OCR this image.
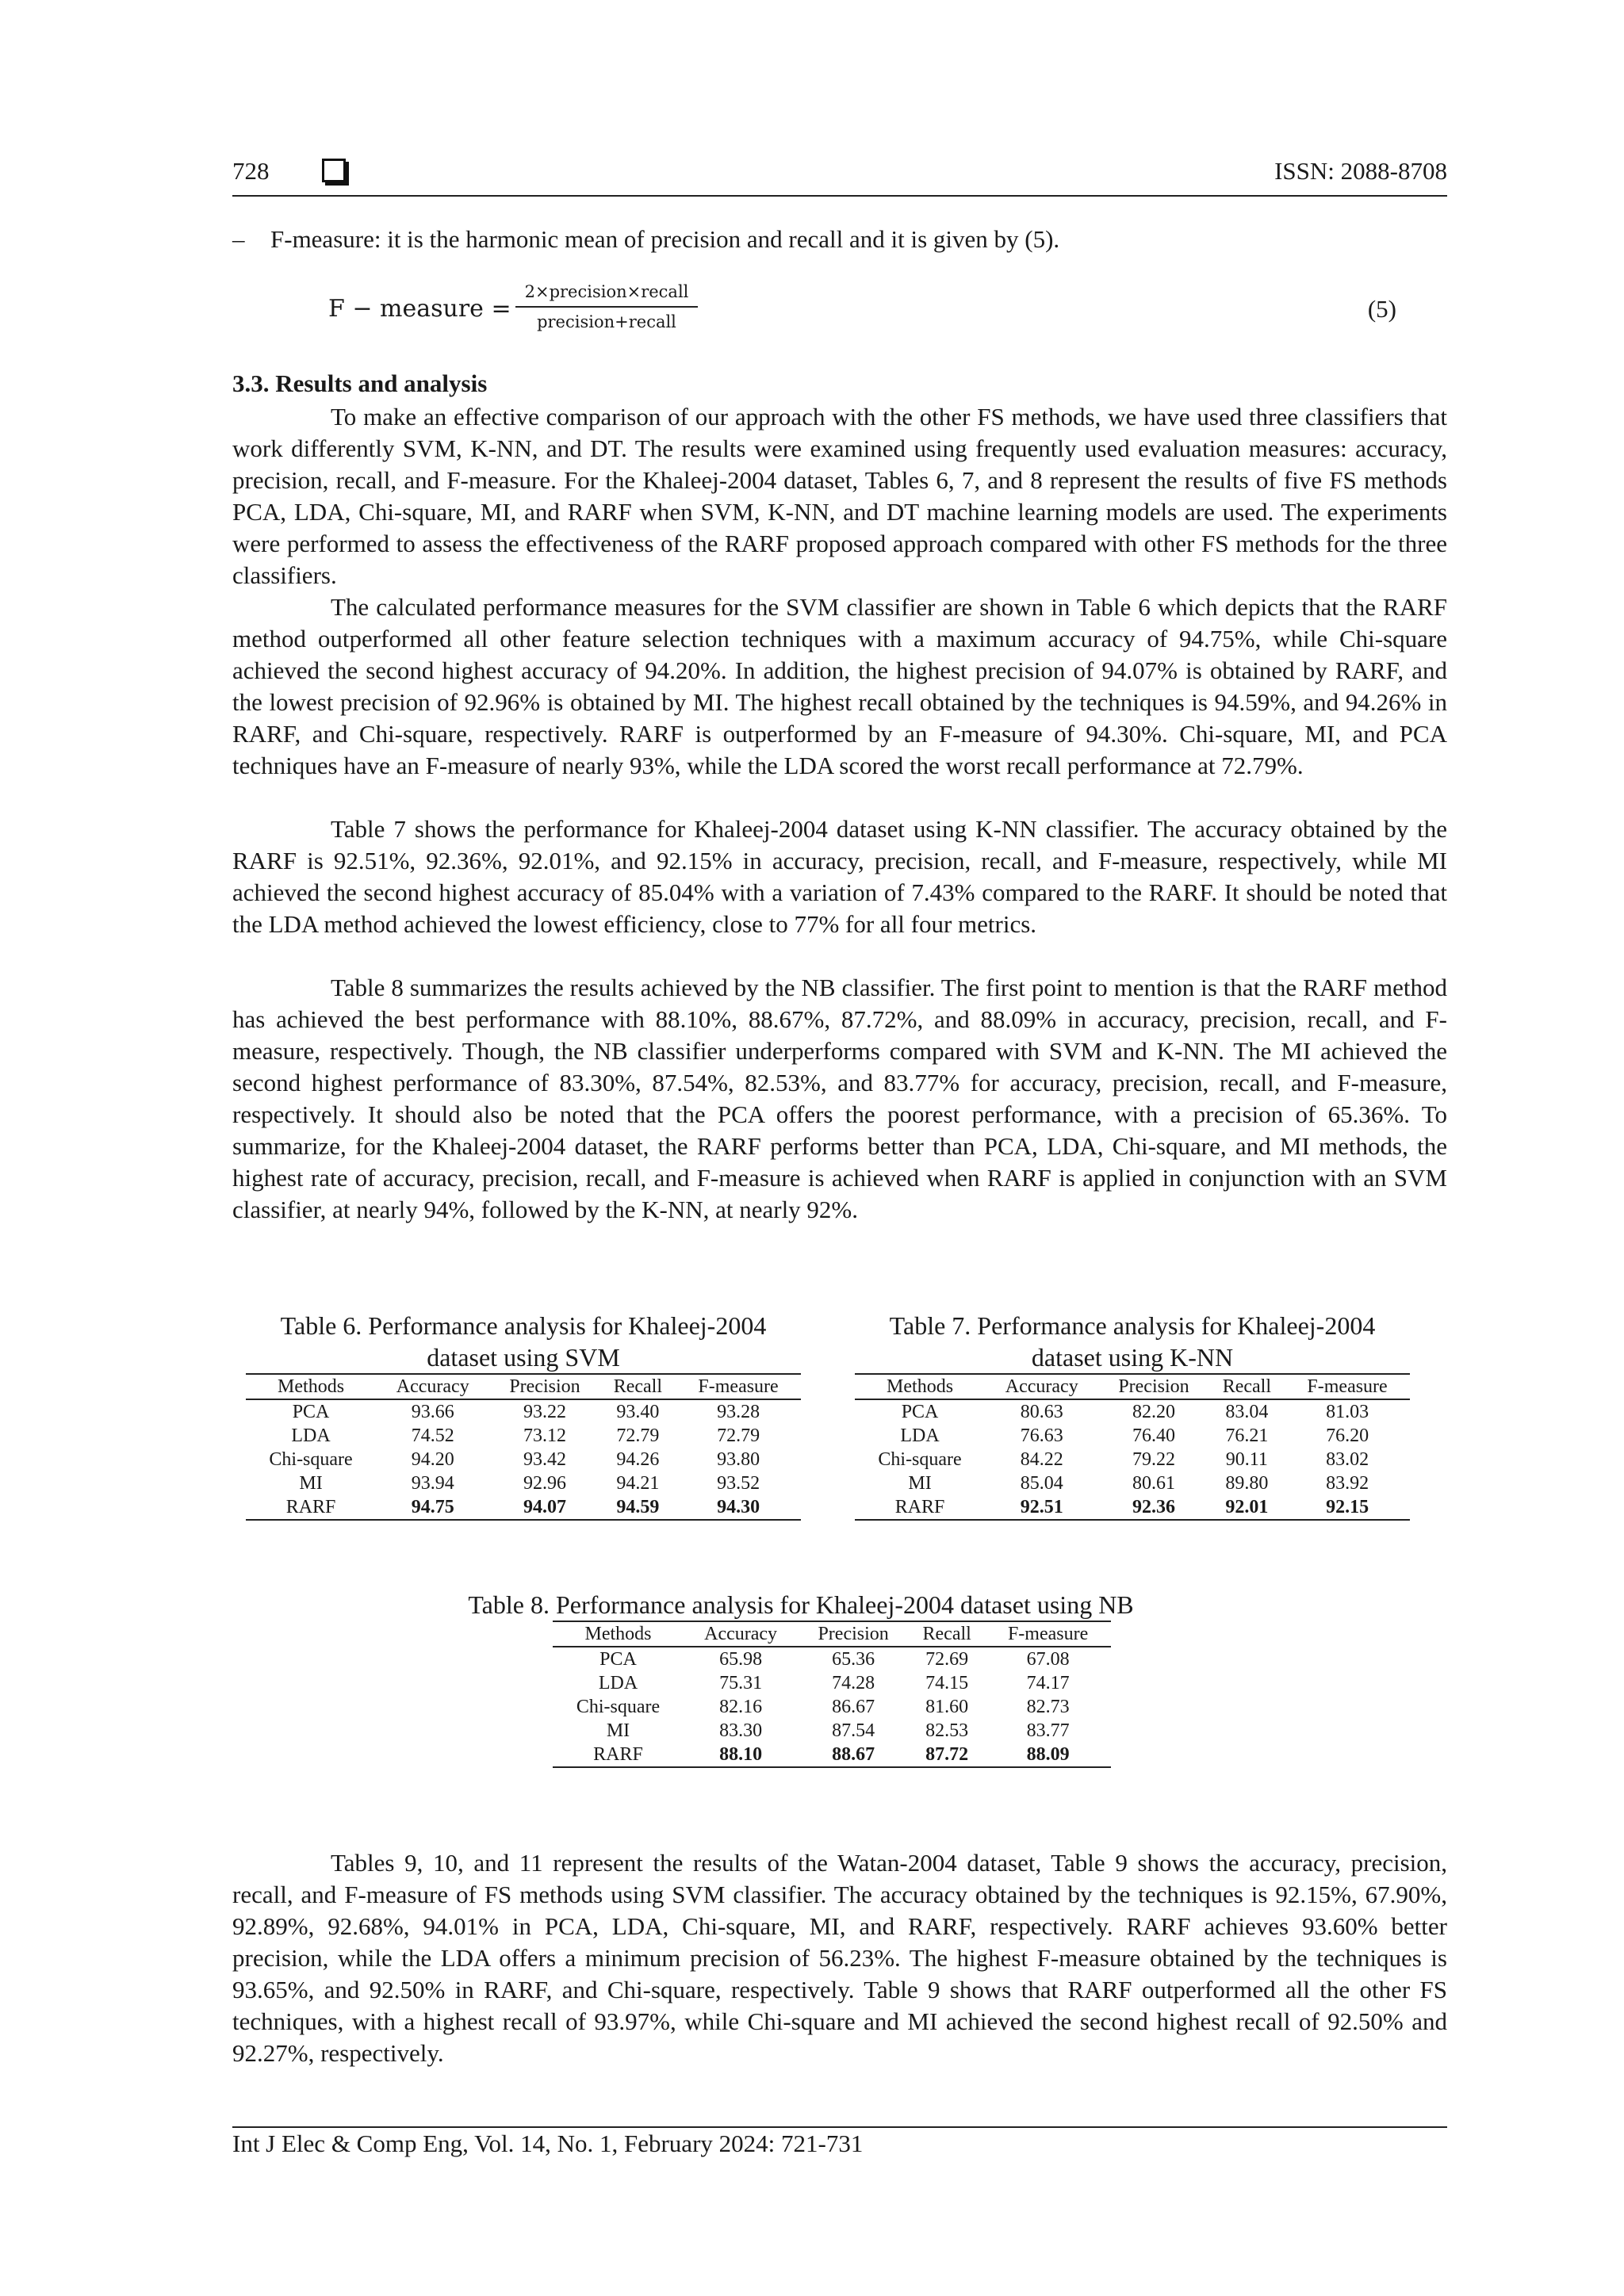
728	ISSN: 2088-8708
– F-measure: it is the harmonic mean of precision and recall and it is given by (5).
F − measure =
2×precision×recall
precision+recall	(5)
3.3. Results and analysis
To make an effective comparison of our approach with the other FS methods, we have used three classifiers that work differently SVM, K-NN, and DT. The results were examined using frequently used evaluation measures: accuracy, precision, recall, and F-measure. For the Khaleej-2004 dataset, Tables 6, 7, and 8 represent the results of five FS methods PCA, LDA, Chi-square, MI, and RARF when SVM, K-NN, and DT machine learning models are used. The experiments were performed to assess the effectiveness of the RARF proposed approach compared with other FS methods for the three classifiers.
The calculated performance measures for the SVM classifier are shown in Table 6 which depicts that the RARF method outperformed all other feature selection techniques with a maximum accuracy of 94.75%, while Chi-square achieved the second highest accuracy of 94.20%. In addition, the highest precision of 94.07% is obtained by RARF, and the lowest precision of 92.96% is obtained by MI. The highest recall obtained by the techniques is 94.59%, and 94.26% in RARF, and Chi-square, respectively. RARF is outperformed by an F-measure of 94.30%. Chi-square, MI, and PCA techniques have an F-measure of nearly 93%, while the LDA scored the worst recall performance at 72.79%.
Table 7 shows the performance for Khaleej-2004 dataset using K-NN classifier. The accuracy obtained by the RARF is 92.51%, 92.36%, 92.01%, and 92.15% in accuracy, precision, recall, and F-measure, respectively, while MI achieved the second highest accuracy of 85.04% with a variation of 7.43% compared to the RARF. It should be noted that the LDA method achieved the lowest efficiency, close to 77% for all four metrics.
Table 8 summarizes the results achieved by the NB classifier. The first point to mention is that the RARF method has achieved the best performance with 88.10%, 88.67%, 87.72%, and 88.09% in accuracy, precision, recall, and F-measure, respectively. Though, the NB classifier underperforms compared with SVM and K-NN. The MI achieved the second highest performance of 83.30%, 87.54%, 82.53%, and 83.77% for accuracy, precision, recall, and F-measure, respectively. It should also be noted that the PCA offers the poorest performance, with a precision of 65.36%. To summarize, for the Khaleej-2004 dataset, the RARF performs better than PCA, LDA, Chi-square, and MI methods, the highest rate of accuracy, precision, recall, and F-measure is achieved when RARF is applied in conjunction with an SVM classifier, at nearly 94%, followed by the K-NN, at nearly 92%.
Table 6. Performance analysis for Khaleej-2004 dataset using SVM
Methods	Accuracy	Precision	Recall	F-measure
PCA	93.66	93.22	93.40	93.28
LDA	74.52	73.12	72.79	72.79
Chi-square	94.20	93.42	94.26	93.80
MI	93.94	92.96	94.21	93.52
RARF	94.75	94.07	94.59	94.30
Table 7. Performance analysis for Khaleej-2004 dataset using K-NN
Methods	Accuracy	Precision	Recall	F-measure
PCA	80.63	82.20	83.04	81.03
LDA	76.63	76.40	76.21	76.20
Chi-square	84.22	79.22	90.11	83.02
MI	85.04	80.61	89.80	83.92
RARF	92.51	92.36	92.01	92.15
Table 8. Performance analysis for Khaleej-2004 dataset using NB
Methods	Accuracy	Precision	Recall	F-measure
PCA	65.98	65.36	72.69	67.08
LDA	75.31	74.28	74.15	74.17
Chi-square	82.16	86.67	81.60	82.73
MI	83.30	87.54	82.53	83.77
RARF	88.10	88.67	87.72	88.09
Tables 9, 10, and 11 represent the results of the Watan-2004 dataset, Table 9 shows the accuracy, precision, recall, and F-measure of FS methods using SVM classifier. The accuracy obtained by the techniques is 92.15%, 67.90%, 92.89%, 92.68%, 94.01% in PCA, LDA, Chi-square, MI, and RARF, respectively. RARF achieves 93.60% better precision, while the LDA offers a minimum precision of 56.23%. The highest F-measure obtained by the techniques is 93.65%, and 92.50% in RARF, and Chi-square, respectively. Table 9 shows that RARF outperformed all the other FS techniques, with a highest recall of 93.97%, while Chi-square and MI achieved the second highest recall of 92.50% and 92.27%, respectively.
Int J Elec & Comp Eng, Vol. 14, No. 1, February 2024: 721-731
